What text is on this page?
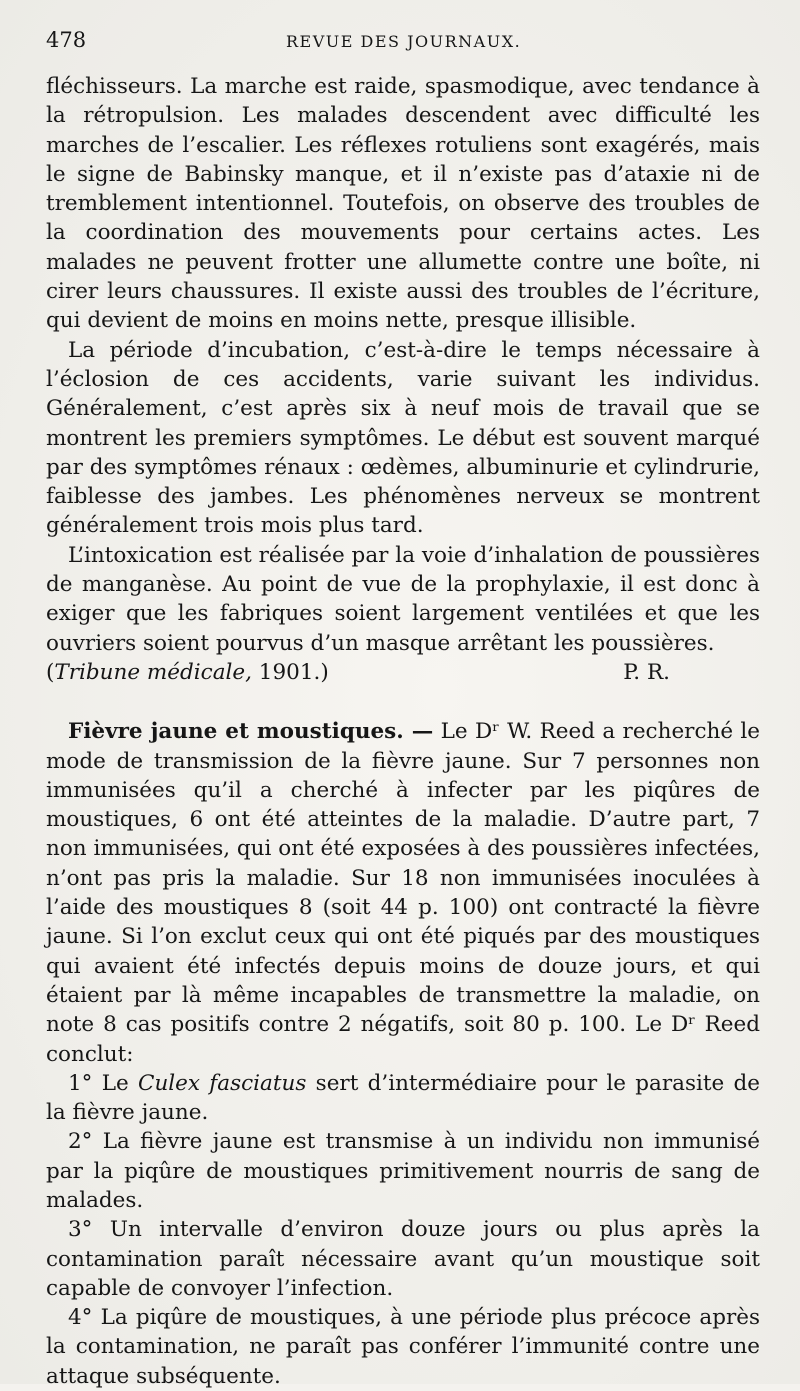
478	REVUE DES JOURNAUX.

fléchisseurs. La marche est raide, spasmodique, avec tendance à la rétropulsion. Les malades descendent avec difficulté les marches de l’escalier. Les réflexes rotuliens sont exagérés, mais le signe de Babinsky manque, et il n’existe pas d’ataxie ni de tremblement intentionnel. Toutefois, on observe des troubles de la coordination des mouvements pour certains actes. Les malades ne peuvent frotter une allumette contre une boîte, ni cirer leurs chaussures. Il existe aussi des troubles de l’écriture, qui devient de moins en moins nette, presque illisible.

La période d’incubation, c’est-à-dire le temps nécessaire à l’éclosion de ces accidents, varie suivant les individus. Généralement, c’est après six à neuf mois de travail que se montrent les premiers symptômes. Le début est souvent marqué par des symptômes rénaux : œdèmes, albuminurie et cylindrurie, faiblesse des jambes. Les phénomènes nerveux se montrent généralement trois mois plus tard.

L’intoxication est réalisée par la voie d’inhalation de poussières de manganèse. Au point de vue de la prophylaxie, il est donc à exiger que les fabriques soient largement ventilées et que les ouvriers soient pourvus d’un masque arrêtant les poussières.

(Tribune médicale, 1901.)	P. R.

Fièvre jaune et moustiques. — Le Dʳ W. Reed a recherché le mode de transmission de la fièvre jaune. Sur 7 personnes non immunisées qu’il a cherché à infecter par les piqûres de moustiques, 6 ont été atteintes de la maladie. D’autre part, 7 non immunisées, qui ont été exposées à des poussières infectées, n’ont pas pris la maladie. Sur 18 non immunisées inoculées à l’aide des moustiques 8 (soit 44 p. 100) ont contracté la fièvre jaune. Si l’on exclut ceux qui ont été piqués par des moustiques qui avaient été infectés depuis moins de douze jours, et qui étaient par là même incapables de transmettre la maladie, on note 8 cas positifs contre 2 négatifs, soit 80 p. 100. Le Dʳ Reed conclut:

1° Le Culex fasciatus sert d’intermédiaire pour le parasite de la fièvre jaune.

2° La fièvre jaune est transmise à un individu non immunisé par la piqûre de moustiques primitivement nourris de sang de malades.

3° Un intervalle d’environ douze jours ou plus après la contamination paraît nécessaire avant qu’un moustique soit capable de convoyer l’infection.

4° La piqûre de moustiques, à une période plus précoce après la contamination, ne paraît pas conférer l’immunité contre une attaque subséquente.
